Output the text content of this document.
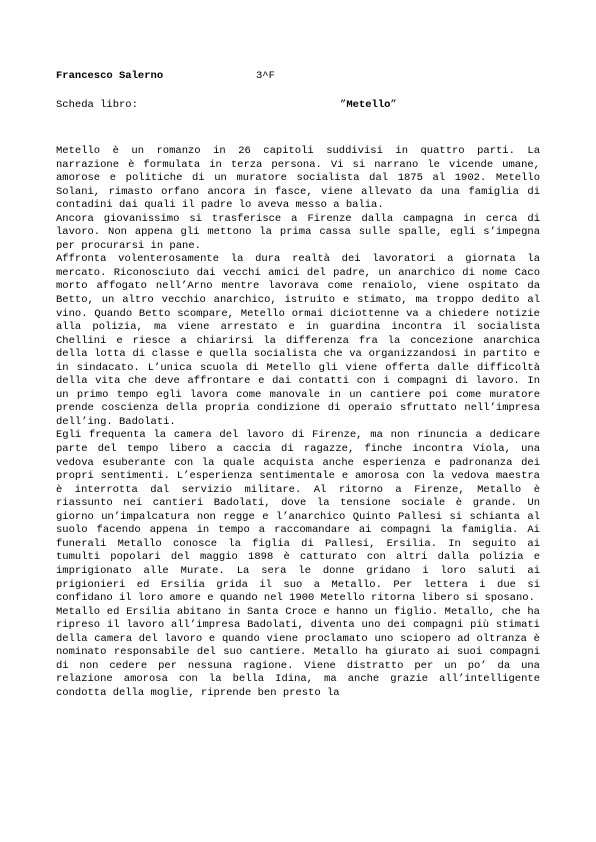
Francesco Salerno	3^F
Scheda libro:	”Metello”

Metello è un romanzo in 26 capitoli suddivisi in quattro parti. La narrazione è formulata in terza persona. Vi si narrano le vicende umane, amorose e politiche di un muratore socialista dal 1875 al 1902. Metello Solani, rimasto orfano ancora in fasce, viene allevato da una famiglia di contadini dai quali il padre lo aveva messo a balia.

Ancora giovanissimo si trasferisce a Firenze dalla campagna in cerca di lavoro. Non appena gli mettono la prima cassa sulle spalle, egli s’impegna per procurarsi in pane.

Affronta volenterosamente la dura realtà dei lavoratori a giornata la mercato. Riconosciuto dai vecchi amici del padre, un anarchico di nome Caco morto affogato nell’Arno mentre lavorava come renaiolo, viene ospitato da Betto, un altro vecchio anarchico, istruito e stimato, ma troppo dedito al vino. Quando Betto scompare, Metello ormai diciottenne va a chiedere notizie alla polizia, ma viene arrestato e in guardina incontra il socialista Chellini e riesce a chiarirsi la differenza fra la concezione anarchica della lotta di classe e quella socialista che va organizzandosi in partito e in sindacato. L’unica scuola di Metello gli viene offerta dalle difficoltà della vita che deve affrontare e dai contatti con i compagni di lavoro. In un primo tempo egli lavora come manovale in un cantiere poi come muratore prende coscienza della propria condizione di operaio sfruttato nell’impresa dell’ing. Badolati.

Egli frequenta la camera del lavoro di Firenze, ma non rinuncia a dedicare parte del tempo libero a caccia di ragazze, finche incontra Viola, una vedova esuberante con la quale acquista anche esperienza e padronanza dei propri sentimenti. L’esperienza sentimentale e amorosa con la vedova maestra è interrotta dal servizio militare. Al ritorno a Firenze, Metallo è riassunto nei cantieri Badolati, dove la tensione sociale è grande. Un giorno un’impalcatura non regge e l’anarchico Quinto Pallesi si schianta al suolo facendo appena in tempo a raccomandare ai compagni la famiglia. Ai funerali Metallo conosce la figlia di Pallesi, Ersilia. In seguito ai tumulti popolari del maggio 1898 è catturato con altri dalla polizia e imprigionato alle Murate. La sera le donne gridano i loro saluti ai prigionieri ed Ersilia grida il suo a Metallo. Per lettera i due si confidano il loro amore e quando nel 1900 Metello ritorna libero si sposano.

Metallo ed Ersilia abitano in Santa Croce e hanno un figlio. Metallo, che ha ripreso il lavoro all’impresa Badolati, diventa uno dei compagni più stimati della camera del lavoro e quando viene proclamato uno sciopero ad oltranza è nominato responsabile del suo cantiere. Metallo ha giurato ai suoi compagni di non cedere per nessuna ragione. Viene distratto per un po’ da una relazione amorosa con la bella Idina, ma anche grazie all’intelligente condotta della moglie, riprende ben presto la
